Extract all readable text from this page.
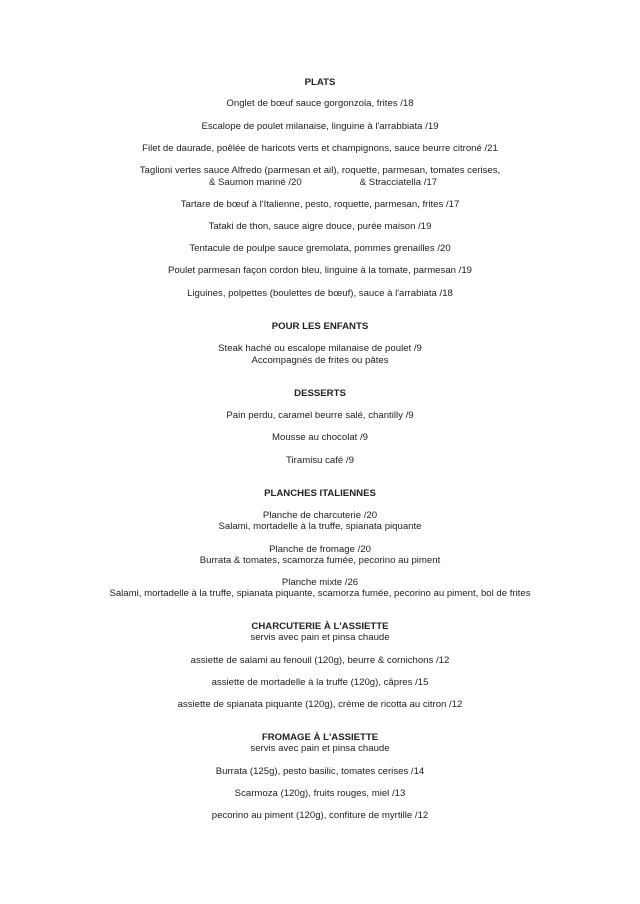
PLATS
Onglet de bœuf sauce gorgonzola, frites /18
Escalope de poulet milanaise, linguine à l'arrabbiata /19
Filet de daurade, poêlée de haricots verts et champignons, sauce beurre citroné /21
Taglioni vertes sauce Alfredo (parmesan et ail), roquette, parmesan, tomates cerises,
& Saumon mariné /20	& Stracciatella /17
Tartare de bœuf à l'Italienne, pesto, roquette, parmesan, frites /17
Tataki de thon, sauce aigre douce, purée maison /19
Tentacule de poulpe sauce gremolata, pommes grenailles /20
Poulet parmesan façon cordon bleu, linguine à la tomate, parmesan /19
Liguines, polpettes (boulettes de bœuf), sauce à l'arrabiata /18
POUR LES ENFANTS
Steak haché ou escalope milanaise de poulet /9
Accompagnés de frites ou pâtes
DESSERTS
Pain perdu, caramel beurre salé, chantilly /9
Mousse au chocolat /9
Tiramisu café /9
PLANCHES ITALIENNES
Planche de charcuterie /20
Salami, mortadelle à la truffe, spianata piquante
Planche de fromage /20
Burrata & tomates, scamorza fumée, pecorino au piment
Planche mixte /26
Salami, mortadelle à la truffe, spianata piquante, scamorza fumée, pecorino au piment, bol de frites
CHARCUTERIE À L'ASSIETTE
servis avec pain et pinsa chaude
assiette de salami au fenouil (120g), beurre & cornichons /12
assiette de mortadelle à la truffe (120g), câpres /15
assiette de spianata piquante (120g), crème de ricotta au citron /12
FROMAGE À L'ASSIETTE
servis avec pain et pinsa chaude
Burrata (125g), pesto basilic, tomates cerises /14
Scarmoza (120g), fruits rouges, miel /13
pecorino au piment (120g), confiture de myrtille /12
